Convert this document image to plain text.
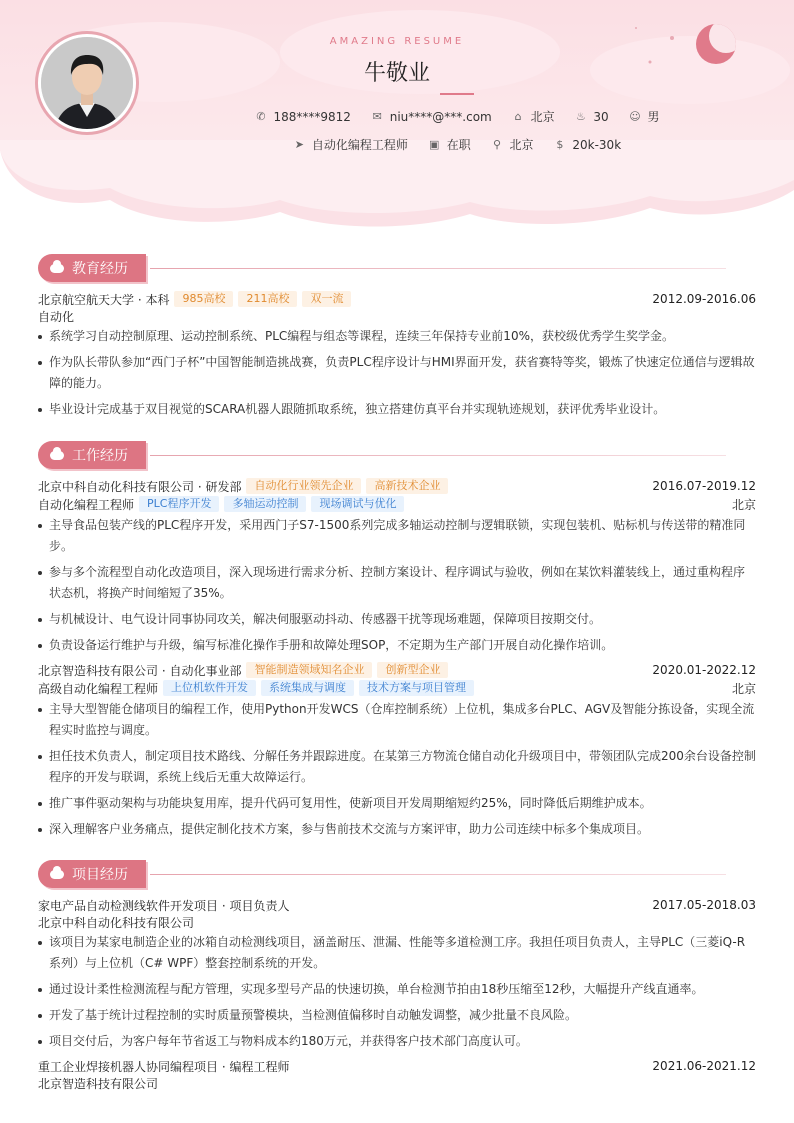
AMAZING RESUME
牛敬业
✆ 188****9812
✉ niu****@***.com
⌂ 北京
♨ 30
☺ 男
➤ 自动化编程工程师
▣ 在职
⚲ 北京
$ 20k-30k
教育经历
北京航空航天大学 · 本科	985高校	211高校	双一流	2012.09-2016.06
自动化
系统学习自动控制原理、运动控制系统、PLC编程与组态等课程，连续三年保持专业前10%，获校级优秀学生奖学金。
作为队长带队参加“西门子杯”中国智能制造挑战赛，负责PLC程序设计与HMI界面开发，获省赛特等奖，锻炼了快速定位通信与逻辑故障的能力。
毕业设计完成基于双目视觉的SCARA机器人跟随抓取系统，独立搭建仿真平台并实现轨迹规划，获评优秀毕业设计。
工作经历
北京中科自动化科技有限公司 · 研发部	自动化行业领先企业	高新技术企业	2016.07-2019.12
自动化编程工程师	PLC程序开发	多轴运动控制	现场调试与优化	北京
主导食品包装产线的PLC程序开发，采用西门子S7-1500系列完成多轴运动控制与逻辑联锁，实现包装机、贴标机与传送带的精准同步。
参与多个流程型自动化改造项目，深入现场进行需求分析、控制方案设计、程序调试与验收，例如在某饮料灌装线上，通过重构程序状态机，将换产时间缩短了35%。
与机械设计、电气设计同事协同攻关，解决伺服驱动抖动、传感器干扰等现场难题，保障项目按期交付。
负责设备运行维护与升级，编写标准化操作手册和故障处理SOP，不定期为生产部门开展自动化操作培训。
北京智造科技有限公司 · 自动化事业部	智能制造领域知名企业	创新型企业	2020.01-2022.12
高级自动化编程工程师	上位机软件开发	系统集成与调度	技术方案与项目管理	北京
主导大型智能仓储项目的编程工作，使用Python开发WCS（仓库控制系统）上位机，集成多台PLC、AGV及智能分拣设备，实现全流程实时监控与调度。
担任技术负责人，制定项目技术路线、分解任务并跟踪进度。在某第三方物流仓储自动化升级项目中，带领团队完成200余台设备控制程序的开发与联调，系统上线后无重大故障运行。
推广事件驱动架构与功能块复用库，提升代码可复用性，使新项目开发周期缩短约25%，同时降低后期维护成本。
深入理解客户业务痛点，提供定制化技术方案，参与售前技术交流与方案评审，助力公司连续中标多个集成项目。
项目经历
家电产品自动检测线软件开发项目 · 项目负责人	2017.05-2018.03
北京中科自动化科技有限公司
该项目为某家电制造企业的冰箱自动检测线项目，涵盖耐压、泄漏、性能等多道检测工序。我担任项目负责人，主导PLC（三菱iQ-R系列）与上位机（C# WPF）整套控制系统的开发。
通过设计柔性检测流程与配方管理，实现多型号产品的快速切换，单台检测节拍由18秒压缩至12秒，大幅提升产线直通率。
开发了基于统计过程控制的实时质量预警模块，当检测值偏移时自动触发调整，减少批量不良风险。
项目交付后，为客户每年节省返工与物料成本约180万元，并获得客户技术部门高度认可。
重工企业焊接机器人协同编程项目 · 编程工程师	2021.06-2021.12
北京智造科技有限公司
